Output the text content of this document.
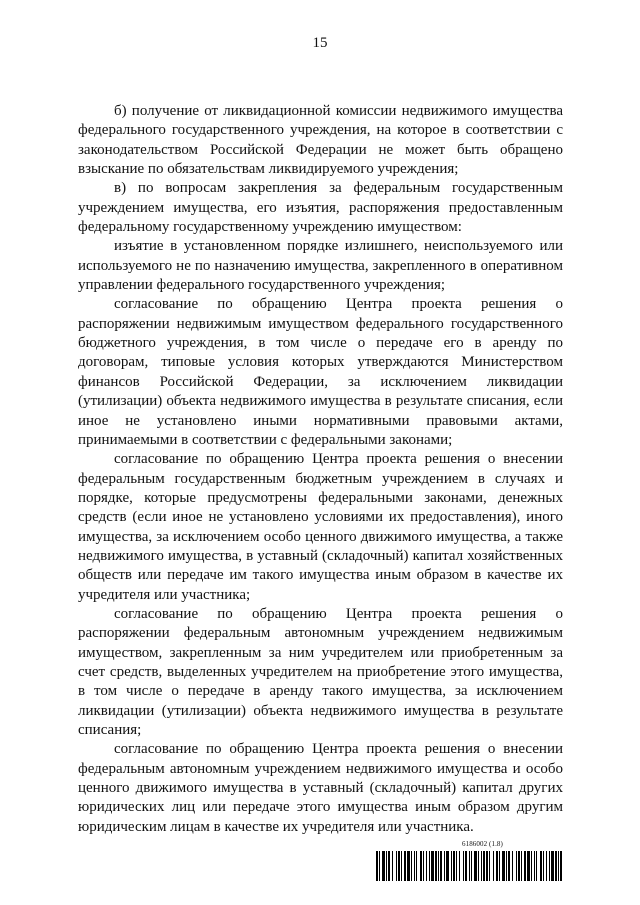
15

б) получение от ликвидационной комиссии недвижимого имущества федерального государственного учреждения, на которое в соответствии с законодательством Российской Федерации не может быть обращено взыскание по обязательствам ликвидируемого учреждения;

в) по вопросам закрепления за федеральным государственным учреждением имущества, его изъятия, распоряжения предоставленным федеральному государственному учреждению имуществом:

изъятие в установленном порядке излишнего, неиспользуемого или используемого не по назначению имущества, закрепленного в оперативном управлении федерального государственного учреждения;

согласование по обращению Центра проекта решения о распоряжении недвижимым имуществом федерального государственного бюджетного учреждения, в том числе о передаче его в аренду по договорам, типовые условия которых утверждаются Министерством финансов Российской Федерации, за исключением ликвидации (утилизации) объекта недвижимого имущества в результате списания, если иное не установлено иными нормативными правовыми актами, принимаемыми в соответствии с федеральными законами;

согласование по обращению Центра проекта решения о внесении федеральным государственным бюджетным учреждением в случаях и порядке, которые предусмотрены федеральными законами, денежных средств (если иное не установлено условиями их предоставления), иного имущества, за исключением особо ценного движимого имущества, а также недвижимого имущества, в уставный (складочный) капитал хозяйственных обществ или передаче им такого имущества иным образом в качестве их учредителя или участника;

согласование по обращению Центра проекта решения о распоряжении федеральным автономным учреждением недвижимым имуществом, закрепленным за ним учредителем или приобретенным за счет средств, выделенных учредителем на приобретение этого имущества, в том числе о передаче в аренду такого имущества, за исключением ликвидации (утилизации) объекта недвижимого имущества в результате списания;

согласование по обращению Центра проекта решения о внесении федеральным автономным учреждением недвижимого имущества и особо ценного движимого имущества в уставный (складочный) капитал других юридических лиц или передаче этого имущества иным образом другим юридическим лицам в качестве их учредителя или участника.

6186002 (1.8)
